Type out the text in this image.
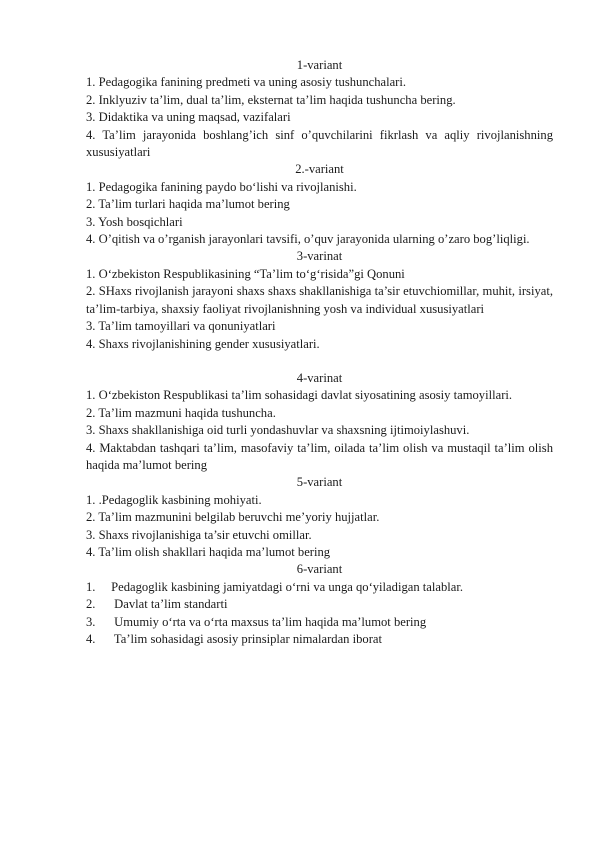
1-variant

1. Pedagogika fanining predmeti va uning asosiy tushunchalari.

2. Inklyuziv ta’lim, dual ta’lim, eksternat ta’lim haqida tushuncha bering.

3. Didaktika va uning maqsad, vazifalari

4. Ta’lim jarayonida boshlang’ich sinf o’quvchilarini fikrlash va aqliy rivojlanishning xususiyatlari

2.-variant

1. Pedagogika fanining paydo bo‘lishi va rivojlanishi.

2. Ta’lim turlari haqida ma’lumot bering

3. Yosh bosqichlari

4. O’qitish va o’rganish jarayonlari tavsifi, o’quv jarayonida ularning o’zaro bog’liqligi.

3-varinat

1. O‘zbekiston Respublikasining “Ta’lim to‘g‘risida”gi Qonuni

2. SHaxs rivojlanish jarayoni shaxs shaxs shakllanishiga ta’sir etuvchiomillar, muhit, irsiyat, ta’lim-tarbiya, shaxsiy faoliyat rivojlanishning yosh va individual xususiyatlari

3. Ta’lim tamoyillari va qonuniyatlari

4. Shaxs rivojlanishining gender xususiyatlari.

4-varinat

1. O‘zbekiston Respublikasi ta’lim sohasidagi davlat siyosatining asosiy tamoyillari.

2. Ta’lim mazmuni haqida tushuncha.

3. Shaxs shakllanishiga oid turli yondashuvlar va shaxsning ijtimoiylashuvi.

4. Maktabdan tashqari ta’lim, masofaviy ta’lim, oilada ta’lim olish va mustaqil ta’lim olish haqida ma’lumot bering

5-variant

1. .Pedagoglik kasbining mohiyati.

2. Ta’lim mazmunini belgilab beruvchi me’yoriy hujjatlar.

3. Shaxs rivojlanishiga ta’sir etuvchi omillar.

4. Ta’lim olish shakllari haqida ma’lumot bering

6-variant

1. Pedagoglik kasbining jamiyatdagi o‘rni va unga qo‘yiladigan talablar.

2. Davlat ta’lim standarti

3. Umumiy o‘rta va o‘rta maxsus ta’lim haqida ma’lumot bering

4. Ta’lim sohasidagi asosiy prinsiplar nimalardan iborat
